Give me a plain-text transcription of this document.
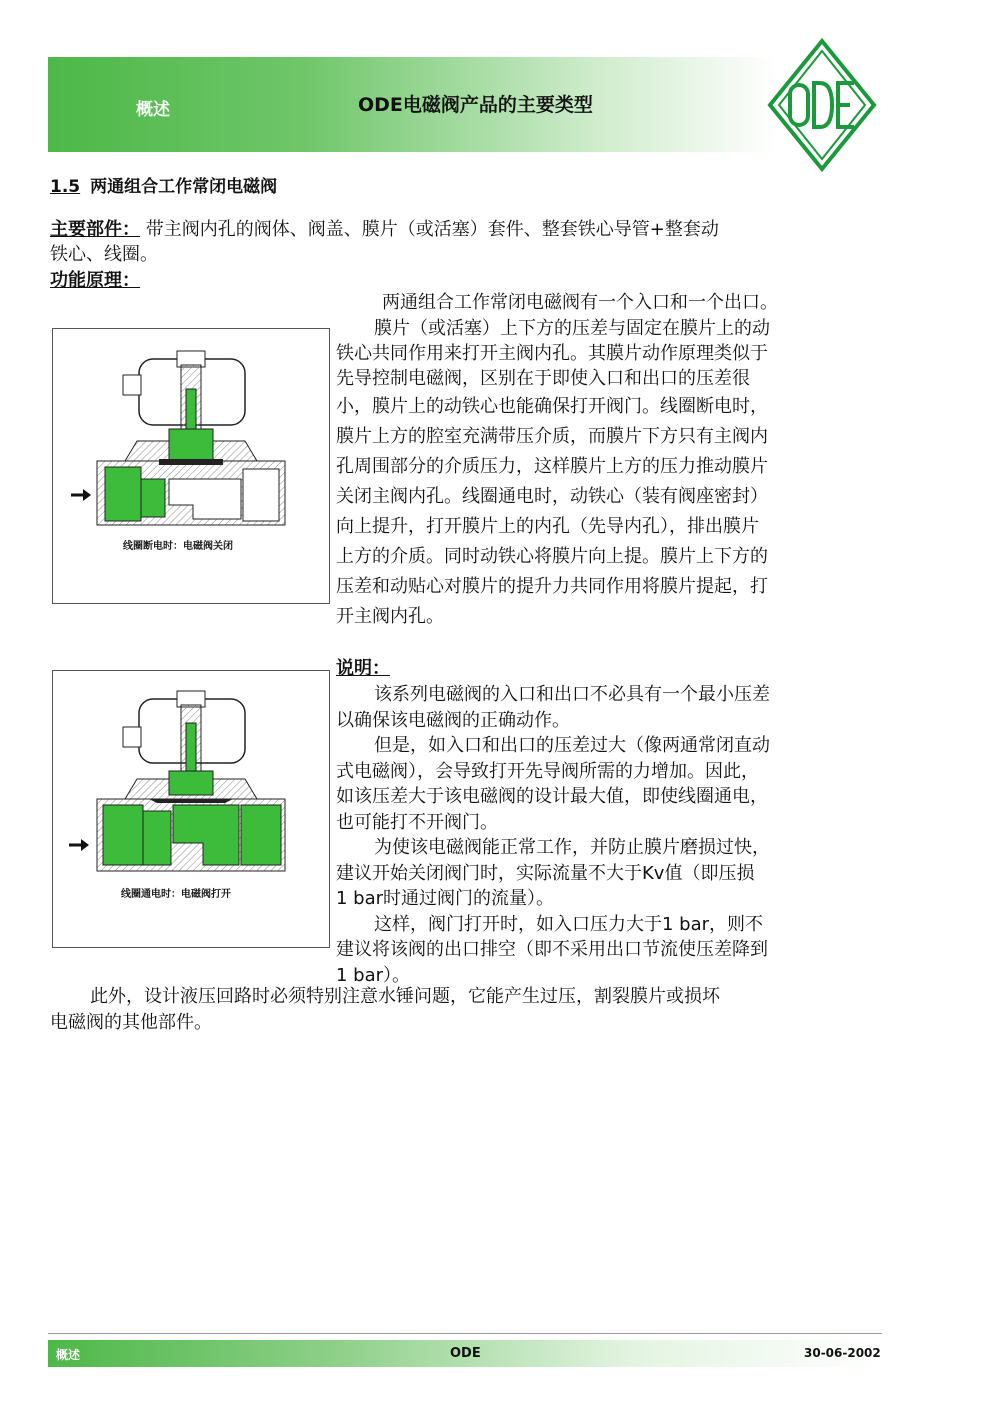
概述	ODE电磁阀产品的主要类型
1.5 两通组合工作常闭电磁阀
主要部件： 带主阀内孔的阀体、阀盖、膜片（或活塞）套件、整套铁心导管+整套动
铁心、线圈。
功能原理：
两通组合工作常闭电磁阀有一个入口和一个出口。
膜片（或活塞）上下方的压差与固定在膜片上的动
铁心共同作用来打开主阀内孔。其膜片动作原理类似于
先导控制电磁阀，区别在于即使入口和出口的压差很
小，膜片上的动铁心也能确保打开阀门。线圈断电时，
膜片上方的腔室充满带压介质，而膜片下方只有主阀内
孔周围部分的介质压力，这样膜片上方的压力推动膜片
关闭主阀内孔。线圈通电时，动铁心（装有阀座密封）
向上提升，打开膜片上的内孔（先导内孔），排出膜片
上方的介质。同时动铁心将膜片向上提。膜片上下方的
压差和动贴心对膜片的提升力共同作用将膜片提起，打
开主阀内孔。
线圈断电时：电磁阀关闭
说明：
该系列电磁阀的入口和出口不必具有一个最小压差
以确保该电磁阀的正确动作。
但是，如入口和出口的压差过大（像两通常闭直动
式电磁阀），会导致打开先导阀所需的力增加。因此，
如该压差大于该电磁阀的设计最大值，即使线圈通电，
也可能打不开阀门。
为使该电磁阀能正常工作，并防止膜片磨损过快，
建议开始关闭阀门时，实际流量不大于Kv值（即压损
1 bar时通过阀门的流量）。
这样，阀门打开时，如入口压力大于1 bar，则不
建议将该阀的出口排空（即不采用出口节流使压差降到
1 bar）。
线圈通电时：电磁阀打开
此外，设计液压回路时必须特别注意水锤问题，它能产生过压，割裂膜片或损坏
电磁阀的其他部件。
概述	ODE	30-06-2002
